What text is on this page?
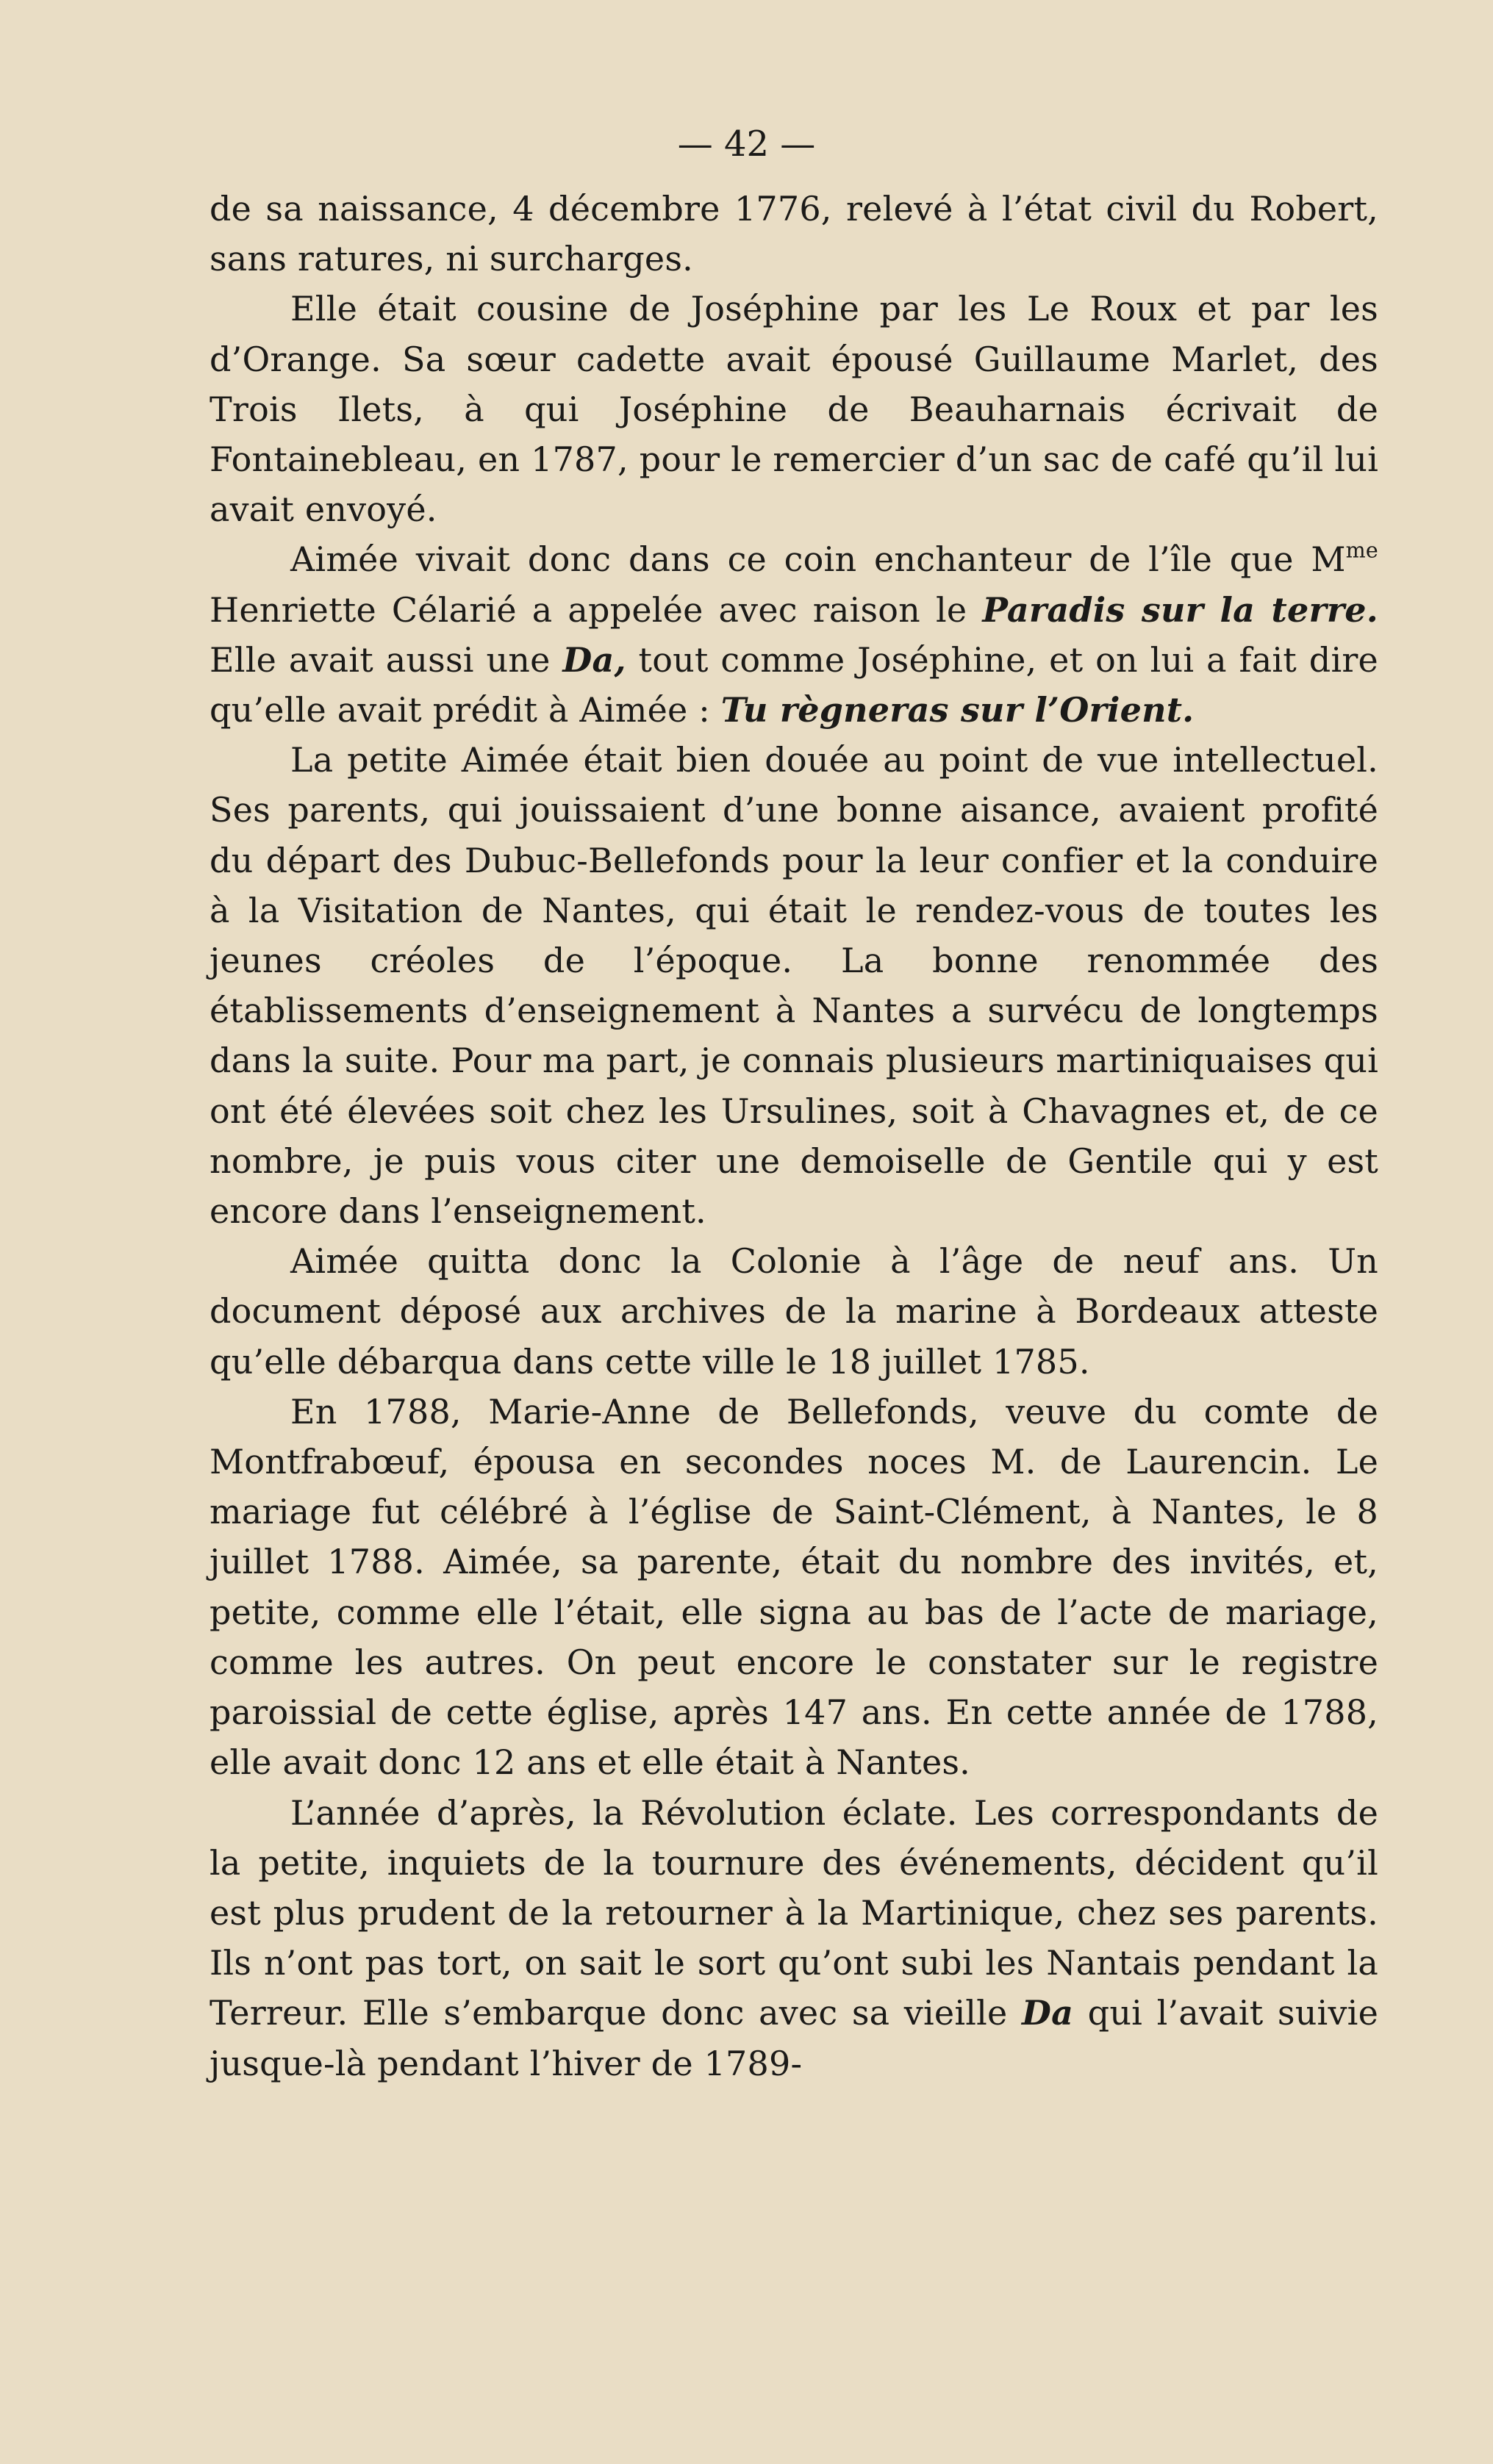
— 42 —

de sa naissance, 4 décembre 1776, relevé à l’état civil du Robert, sans ratures, ni surcharges.

Elle était cousine de Joséphine par les Le Roux et par les d’Orange. Sa sœur cadette avait épousé Guillaume Marlet, des Trois Ilets, à qui Joséphine de Beauharnais écrivait de Fontainebleau, en 1787, pour le remercier d’un sac de café qu’il lui avait envoyé.

Aimée vivait donc dans ce coin enchanteur de l’île que $M^{me}$ Henriette Célarié a appelée avec raison le Paradis sur la terre. Elle avait aussi une Da, tout comme Joséphine, et on lui a fait dire qu’elle avait prédit à Aimée : Tu règneras sur l’Orient.

La petite Aimée était bien douée au point de vue intellectuel. Ses parents, qui jouissaient d’une bonne aisance, avaient profité du départ des Dubuc-Bellefonds pour la leur confier et la conduire à la Visitation de Nantes, qui était le rendez-vous de toutes les jeunes créoles de l’époque. La bonne renommée des établissements d’enseignement à Nantes a survécu de longtemps dans la suite. Pour ma part, je connais plusieurs martiniquaises qui ont été élevées soit chez les Ursulines, soit à Chavagnes et, de ce nombre, je puis vous citer une demoiselle de Gentile qui y est encore dans l’enseignement.

Aimée quitta donc la Colonie à l’âge de neuf ans. Un document déposé aux archives de la marine à Bordeaux atteste qu’elle débarqua dans cette ville le 18 juillet 1785.

En 1788, Marie-Anne de Bellefonds, veuve du comte de Montfrabœuf, épousa en secondes noces M. de Laurencin. Le mariage fut célébré à l’église de Saint-Clément, à Nantes, le 8 juillet 1788. Aimée, sa parente, était du nombre des invités, et, petite, comme elle l’était, elle signa au bas de l’acte de mariage, comme les autres. On peut encore le constater sur le registre paroissial de cette église, après 147 ans. En cette année de 1788, elle avait donc 12 ans et elle était à Nantes.

L’année d’après, la Révolution éclate. Les correspondants de la petite, inquiets de la tournure des événements, décident qu’il est plus prudent de la retourner à la Martinique, chez ses parents. Ils n’ont pas tort, on sait le sort qu’ont subi les Nantais pendant la Terreur. Elle s’embarque donc avec sa vieille Da qui l’avait suivie jusque-là pendant l’hiver de 1789-
